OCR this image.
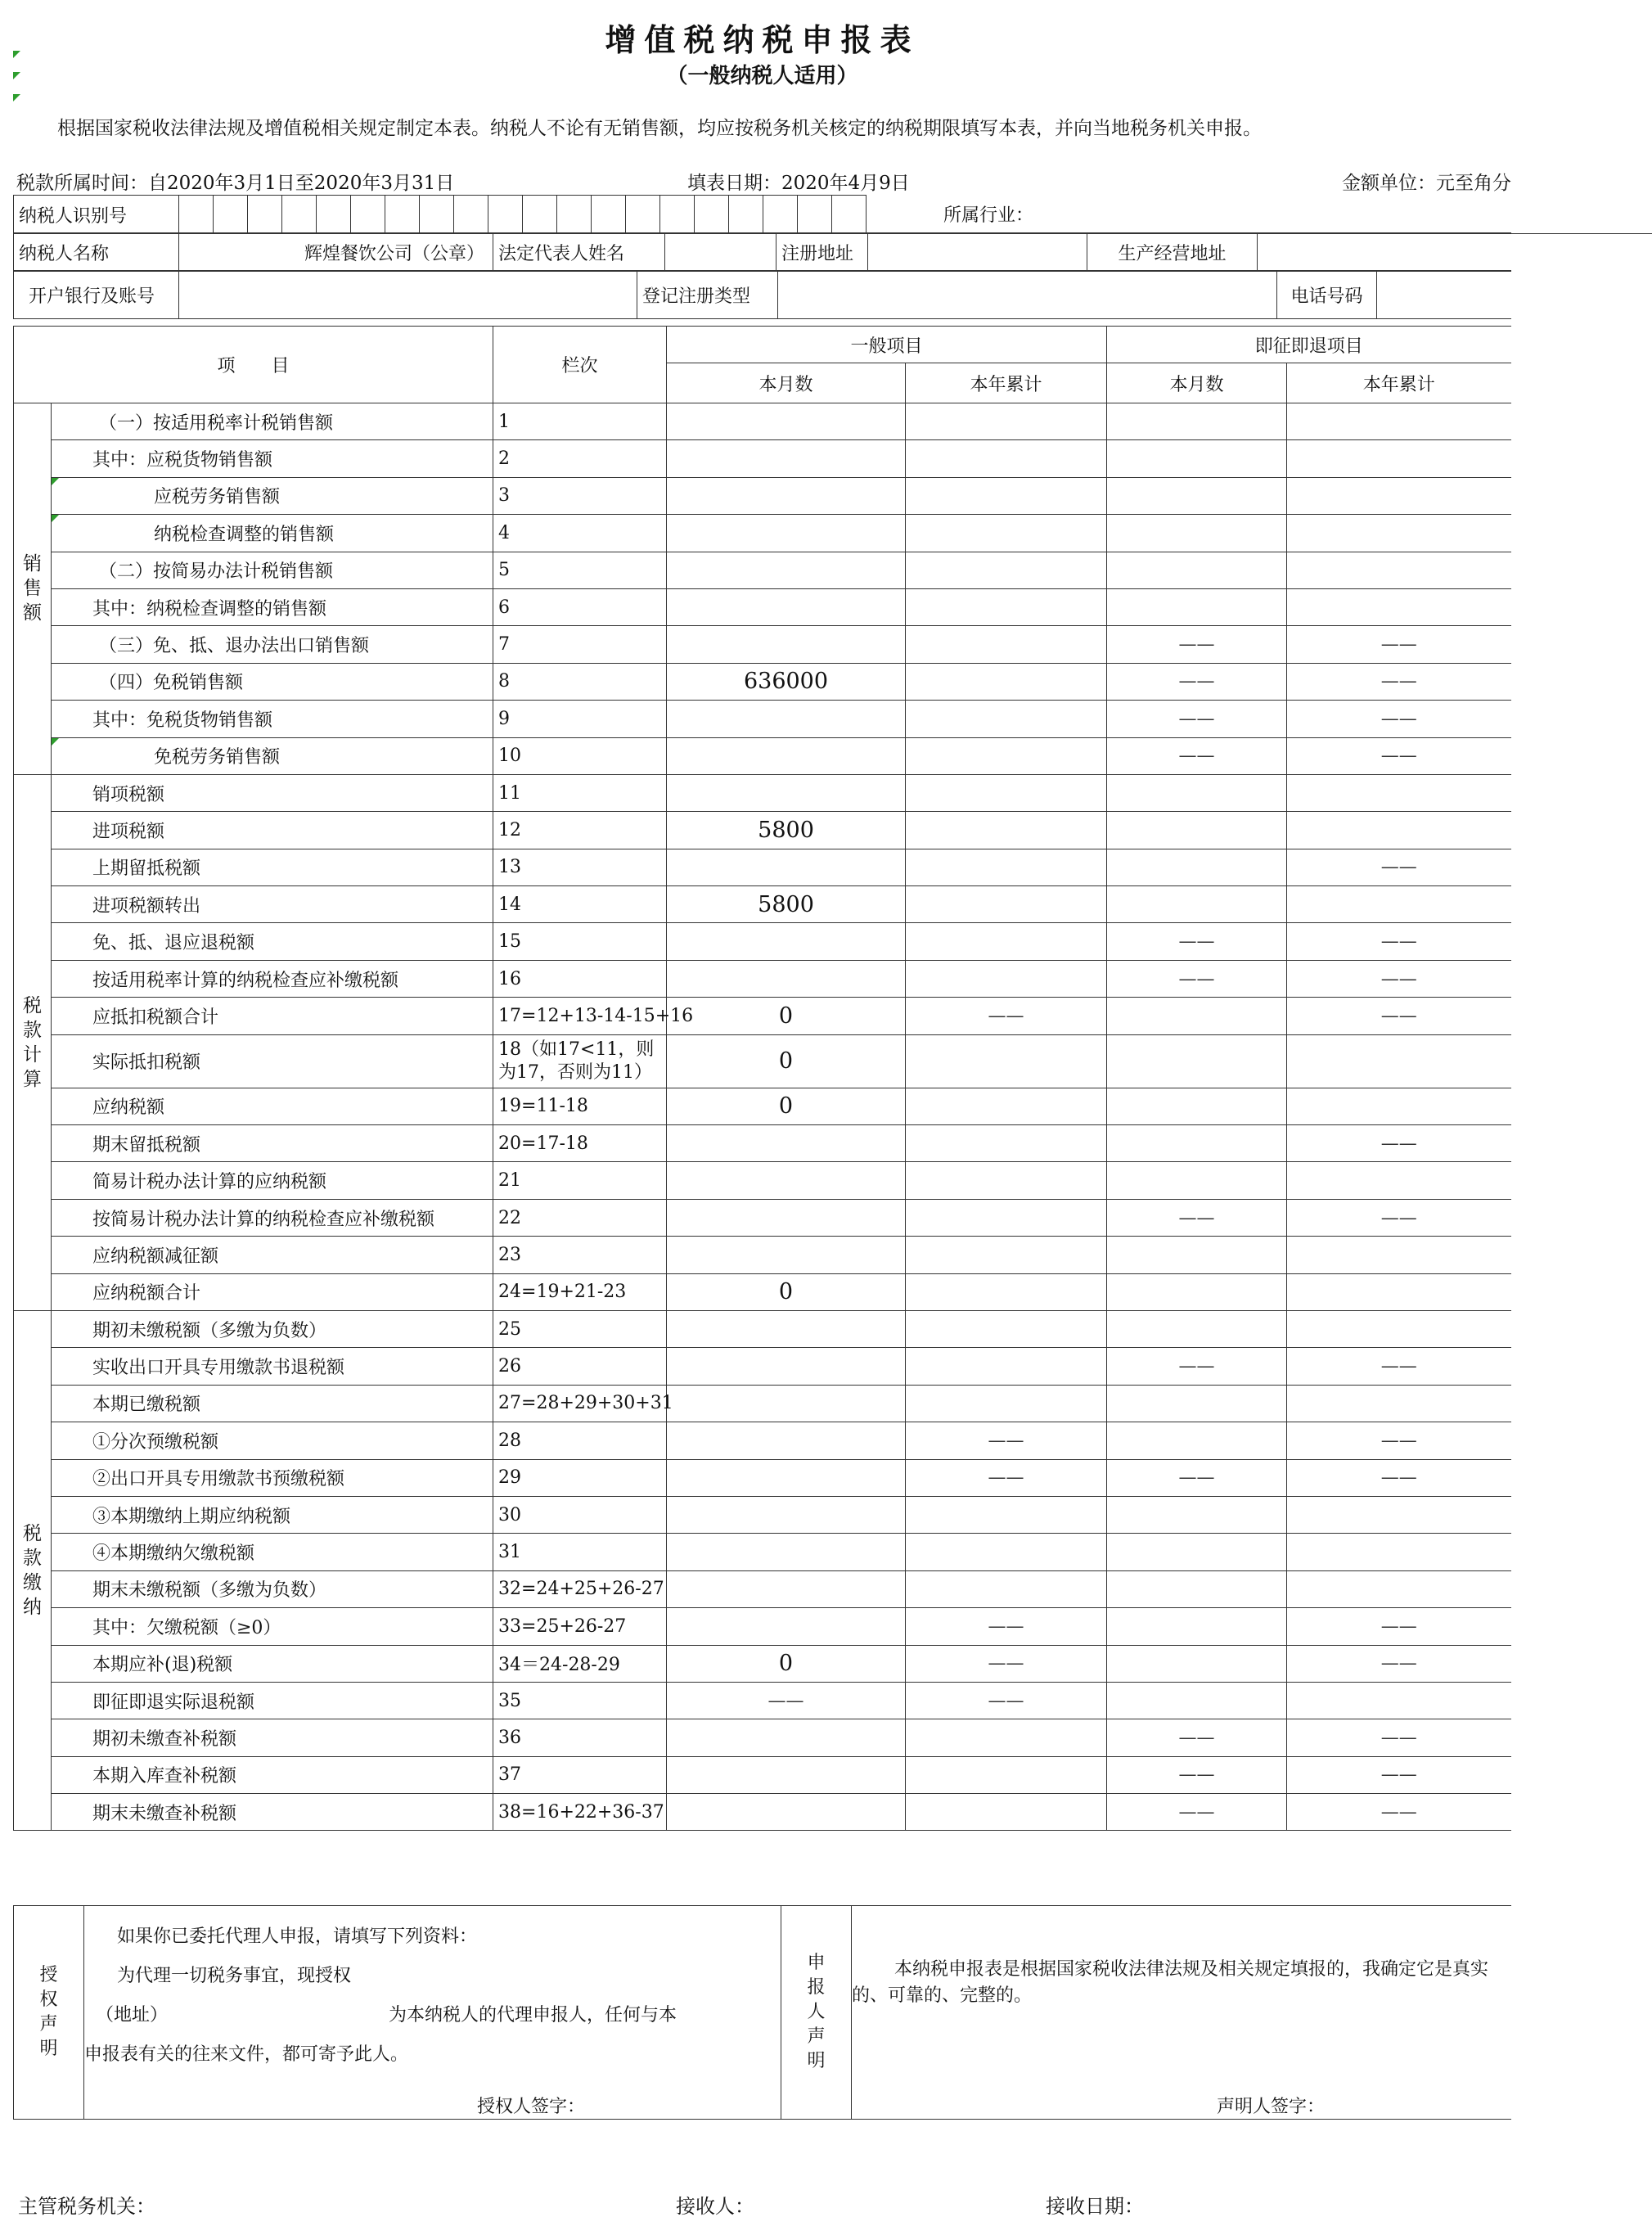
增值税纳税申报表
（一般纳税人适用）
根据国家税收法律法规及增值税相关规定制定本表。纳税人不论有无销售额，均应按税务机关核定的纳税期限填写本表，并向当地税务机关申报。
税款所属时间：自2020年3月1日至2020年3月31日	填表日期：2020年4月9日	金额单位：元至角分
纳税人识别号																					所属行业：
纳税人名称	辉煌餐饮公司（公章）	法定代表人姓名		注册地址		生产经营地址	
开户银行及账号		登记注册类型		电话号码	
项　　目		栏次	一般项目		即征即退项目	
			本月数	本年累计	本月数	本年累计

销售额	（一）按适用税率计税销售额	1				
	其中：应税货物销售额	2				
	应税劳务销售额	3				
	纳税检查调整的销售额	4				
	（二）按简易办法计税销售额	5				
	其中：纳税检查调整的销售额	6				
	（三）免、抵、退办法出口销售额	7			——	——
	（四）免税销售额	8	636000		——	——
	其中：免税货物销售额	9			——	——
	免税劳务销售额	10			——	——

税款计算	销项税额	11				
	进项税额	12	5800			
	上期留抵税额	13				——
	进项税额转出	14	5800			
	免、抵、退应退税额	15			——	——
	按适用税率计算的纳税检查应补缴税额	16			——	——
	应抵扣税额合计	17=12+13-14-15+16	0	——		——
	实际抵扣税额	18（如17<11，则为17，否则为11）	0			
	应纳税额	19=11-18	0			
	期末留抵税额	20=17-18				——
	简易计税办法计算的应纳税额	21				
	按简易计税办法计算的纳税检查应补缴税额	22			——	——
	应纳税额减征额	23				
	应纳税额合计	24=19+21-23	0			

税款缴纳	期初未缴税额（多缴为负数）	25				
	实收出口开具专用缴款书退税额	26			——	——
	本期已缴税额	27=28+29+30+31				
	①分次预缴税额	28		——		——
	②出口开具专用缴款书预缴税额	29		——	——	——
	③本期缴纳上期应纳税额	30				
	④本期缴纳欠缴税额	31				
	期末未缴税额（多缴为负数）	32=24+25+26-27				
	其中：欠缴税额（≥0）	33=25+26-27		——		——
	本期应补(退)税额	34＝24-28-29	0	——		——
	即征即退实际退税额	35	——	——		
	期初未缴查补税额	36			——	——
	本期入库查补税额	37			——	——
	期末未缴查补税额	38=16+22+36-37			——	——
授权声明

如果你已委托代理人申报，请填写下列资料：
为代理一切税务事宜，现授权
（地址）	为本纳税人的代理申报人，任何与本
申报表有关的往来文件，都可寄予此人。
授权人签字：

申报人声明

本纳税申报表是根据国家税收法律法规及相关规定填报的，我确定它是真实的、可靠的、完整的。
声明人签字：
主管税务机关：	接收人：	接收日期：
